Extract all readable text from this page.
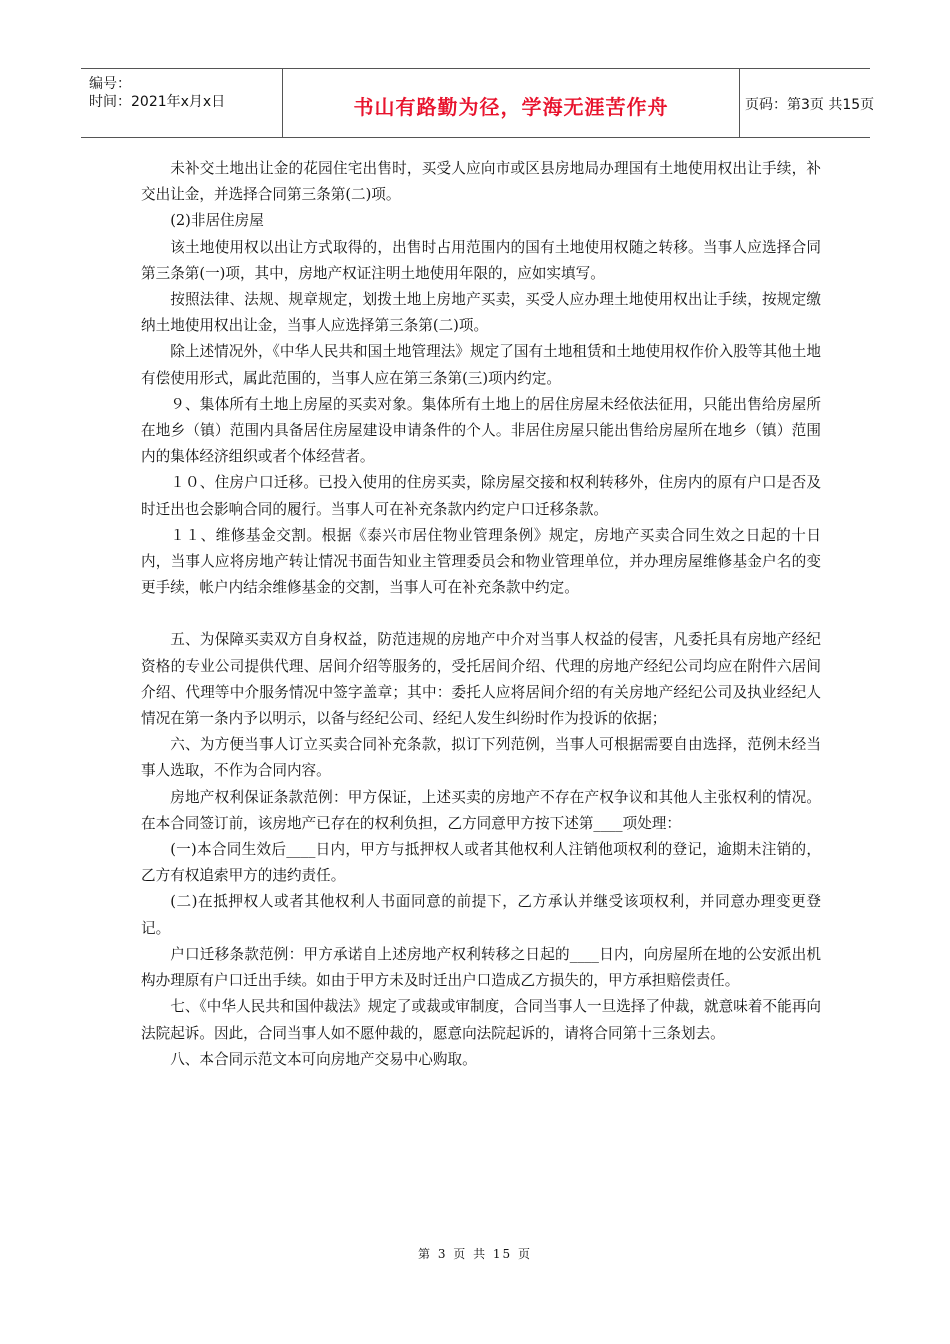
编号：
时间：2021年x月x日	书山有路勤为径，学海无涯苦作舟	页码：第3页 共15页

未补交土地出让金的花园住宅出售时，买受人应向市或区县房地局办理国有土地使用权出让手续，补交出让金，并选择合同第三条第(二)项。

(2)非居住房屋

该土地使用权以出让方式取得的，出售时占用范围内的国有土地使用权随之转移。当事人应选择合同第三条第(一)项，其中，房地产权证注明土地使用年限的，应如实填写。

按照法律、法规、规章规定，划拨土地上房地产买卖，买受人应办理土地使用权出让手续，按规定缴纳土地使用权出让金，当事人应选择第三条第(二)项。

除上述情况外，《中华人民共和国土地管理法》规定了国有土地租赁和土地使用权作价入股等其他土地有偿使用形式，属此范围的，当事人应在第三条第(三)项内约定。

９、集体所有土地上房屋的买卖对象。集体所有土地上的居住房屋未经依法征用，只能出售给房屋所在地乡（镇）范围内具备居住房屋建设申请条件的个人。非居住房屋只能出售给房屋所在地乡（镇）范围内的集体经济组织或者个体经营者。

１０、住房户口迁移。已投入使用的住房买卖，除房屋交接和权利转移外，住房内的原有户口是否及时迁出也会影响合同的履行。当事人可在补充条款内约定户口迁移条款。

１１、维修基金交割。根据《泰兴市居住物业管理条例》规定，房地产买卖合同生效之日起的十日内，当事人应将房地产转让情况书面告知业主管理委员会和物业管理单位，并办理房屋维修基金户名的变更手续，帐户内结余维修基金的交割，当事人可在补充条款中约定。

五、为保障买卖双方自身权益，防范违规的房地产中介对当事人权益的侵害，凡委托具有房地产经纪资格的专业公司提供代理、居间介绍等服务的，受托居间介绍、代理的房地产经纪公司均应在附件六居间介绍、代理等中介服务情况中签字盖章；其中：委托人应将居间介绍的有关房地产经纪公司及执业经纪人情况在第一条内予以明示，以备与经纪公司、经纪人发生纠纷时作为投诉的依据；

六、为方便当事人订立买卖合同补充条款，拟订下列范例，当事人可根据需要自由选择，范例未经当事人选取，不作为合同内容。

房地产权利保证条款范例：甲方保证，上述买卖的房地产不存在产权争议和其他人主张权利的情况。在本合同签订前，该房地产已存在的权利负担，乙方同意甲方按下述第____项处理：

(一)本合同生效后____日内，甲方与抵押权人或者其他权利人注销他项权利的登记，逾期未注销的，乙方有权追索甲方的违约责任。

(二)在抵押权人或者其他权利人书面同意的前提下，乙方承认并继受该项权利，并同意办理变更登记。

户口迁移条款范例：甲方承诺自上述房地产权利转移之日起的____日内，向房屋所在地的公安派出机构办理原有户口迁出手续。如由于甲方未及时迁出户口造成乙方损失的，甲方承担赔偿责任。

七、《中华人民共和国仲裁法》规定了或裁或审制度，合同当事人一旦选择了仲裁，就意味着不能再向法院起诉。因此，合同当事人如不愿仲裁的，愿意向法院起诉的，请将合同第十三条划去。

八、本合同示范文本可向房地产交易中心购取。

第 3 页 共 15 页
